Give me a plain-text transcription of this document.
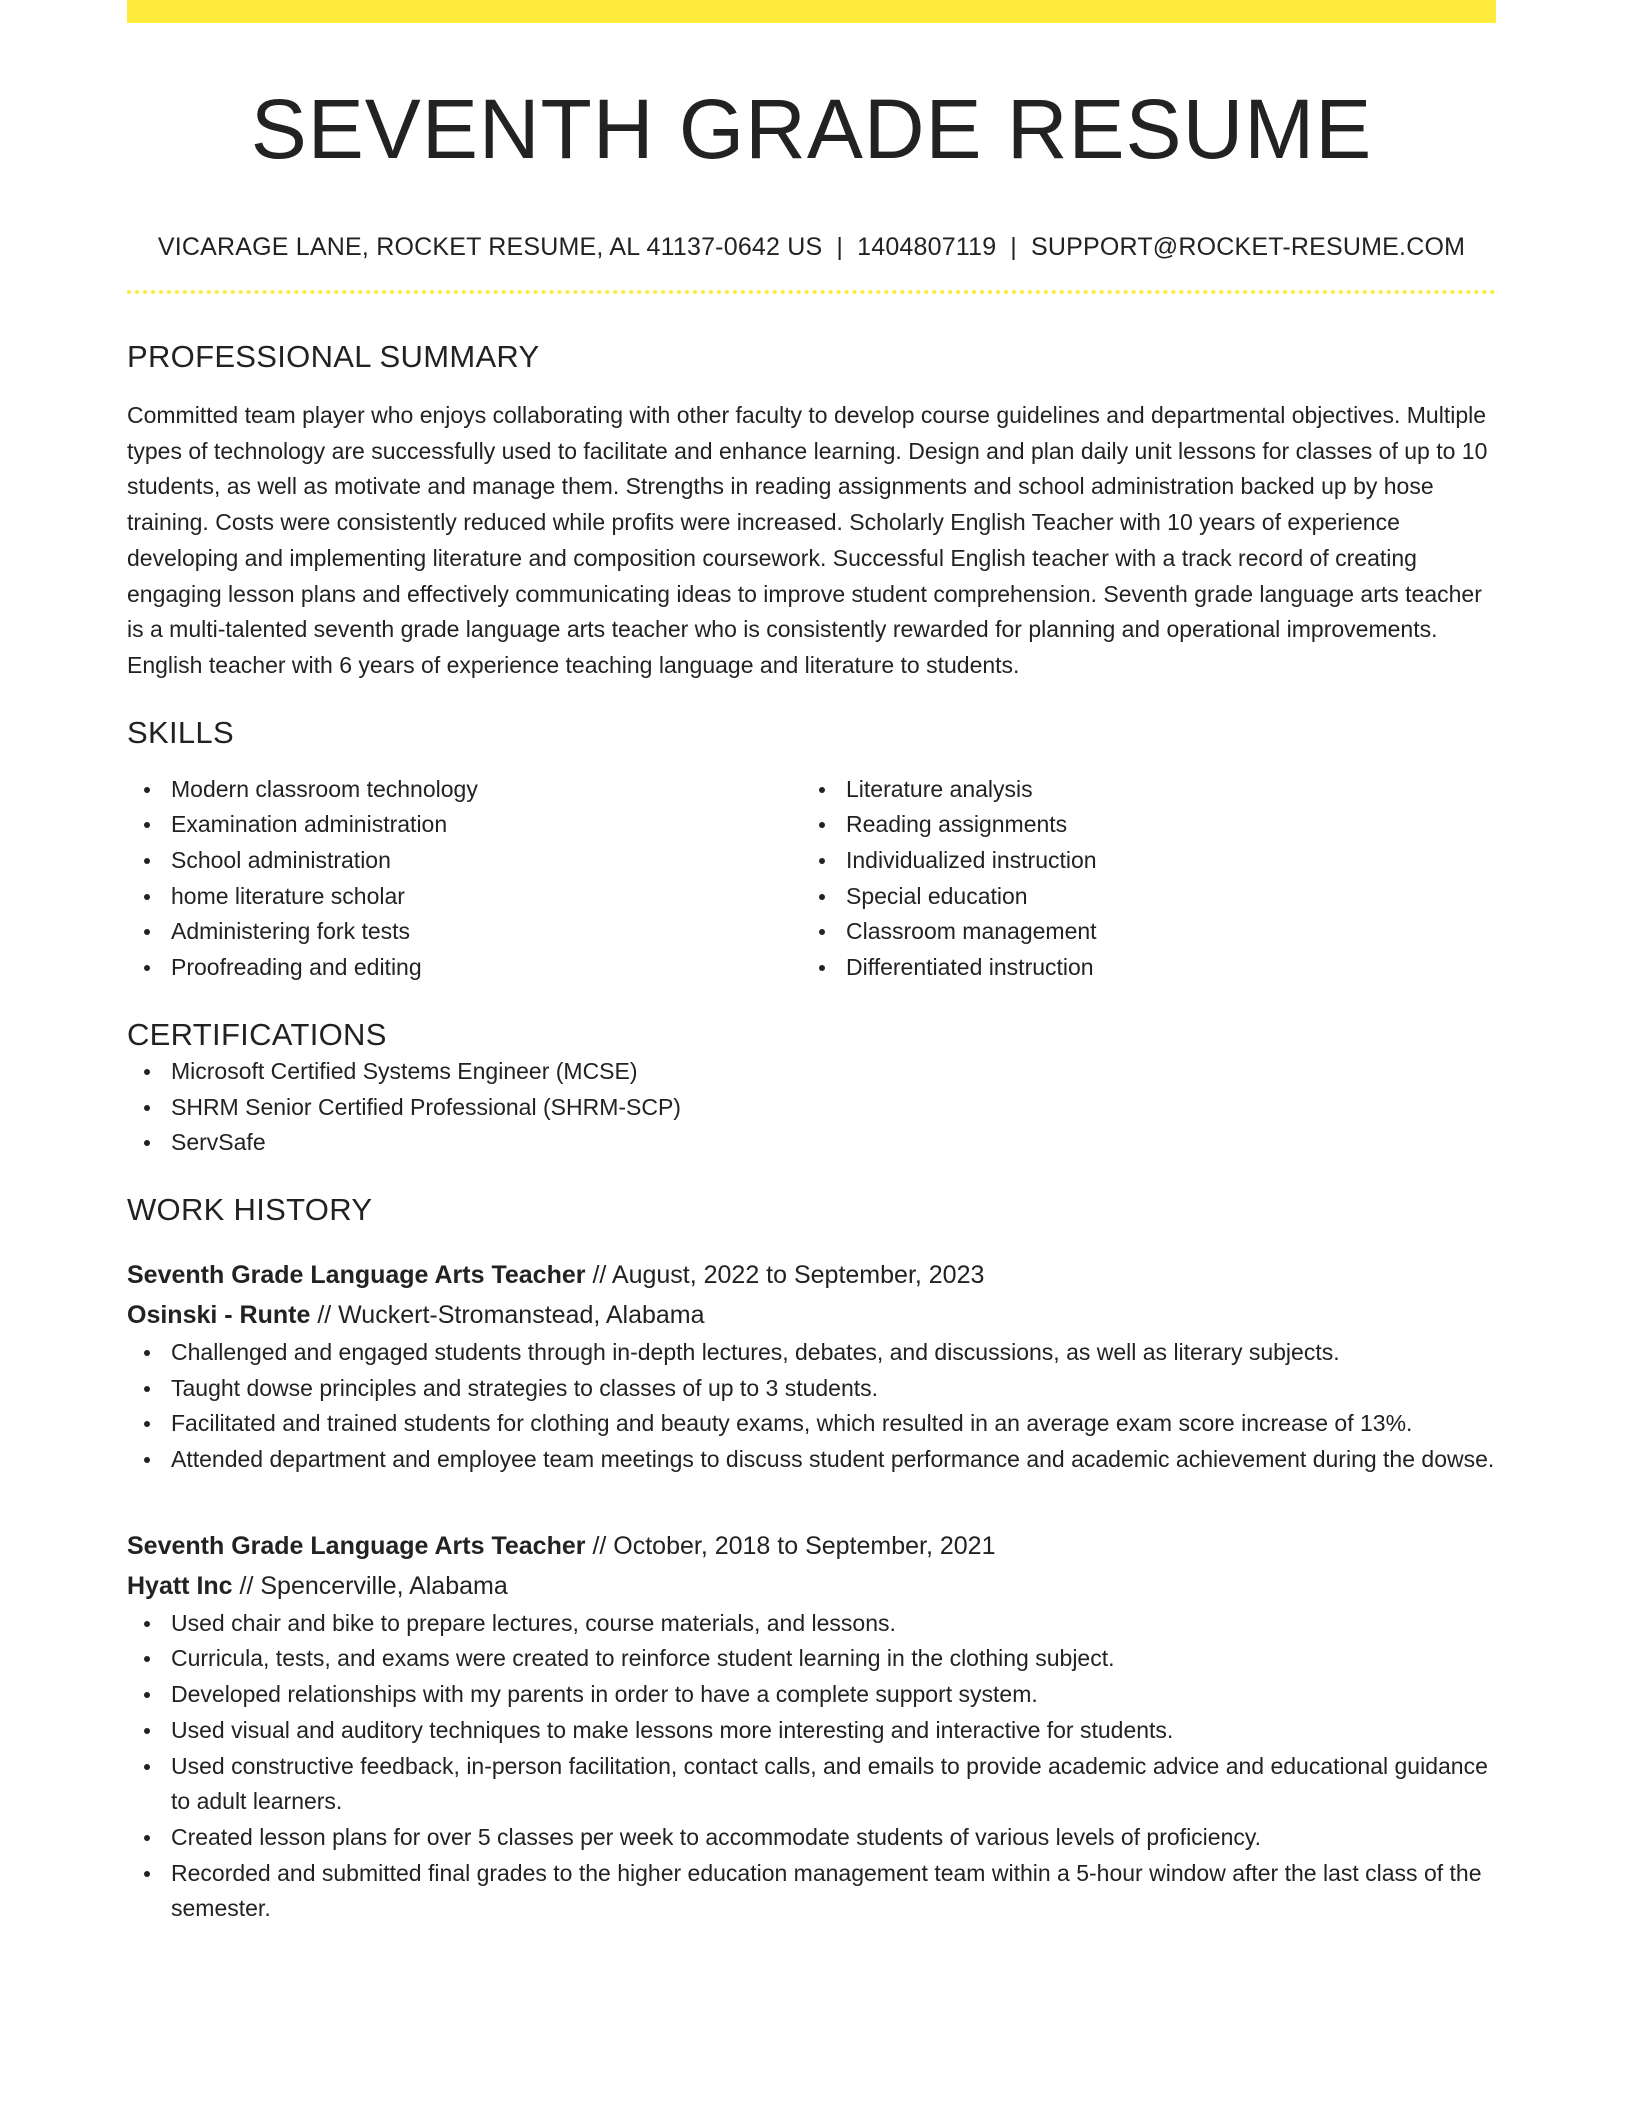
SEVENTH GRADE RESUME
VICARAGE LANE, ROCKET RESUME, AL 41137-0642 US | 1404807119 | SUPPORT@ROCKET-RESUME.COM
PROFESSIONAL SUMMARY

Committed team player who enjoys collaborating with other faculty to develop course guidelines and departmental objectives. Multiple types of technology are successfully used to facilitate and enhance learning. Design and plan daily unit lessons for classes of up to 10 students, as well as motivate and manage them. Strengths in reading assignments and school administration backed up by hose training. Costs were consistently reduced while profits were increased. Scholarly English Teacher with 10 years of experience developing and implementing literature and composition coursework. Successful English teacher with a track record of creating engaging lesson plans and effectively communicating ideas to improve student comprehension. Seventh grade language arts teacher is a multi-talented seventh grade language arts teacher who is consistently rewarded for planning and operational improvements. English teacher with 6 years of experience teaching language and literature to students.

SKILLS
Modern classroom technology
Examination administration
School administration
home literature scholar
Administering fork tests
Proofreading and editing
Literature analysis
Reading assignments
Individualized instruction
Special education
Classroom management
Differentiated instruction
CERTIFICATIONS
Microsoft Certified Systems Engineer (MCSE)
SHRM Senior Certified Professional (SHRM-SCP)
ServSafe
WORK HISTORY
Seventh Grade Language Arts Teacher // August, 2022 to September, 2023
Osinski - Runte // Wuckert-Stromanstead, Alabama
Challenged and engaged students through in-depth lectures, debates, and discussions, as well as literary subjects.
Taught dowse principles and strategies to classes of up to 3 students.
Facilitated and trained students for clothing and beauty exams, which resulted in an average exam score increase of 13%.
Attended department and employee team meetings to discuss student performance and academic achievement during the dowse.
Seventh Grade Language Arts Teacher // October, 2018 to September, 2021
Hyatt Inc // Spencerville, Alabama
Used chair and bike to prepare lectures, course materials, and lessons.
Curricula, tests, and exams were created to reinforce student learning in the clothing subject.
Developed relationships with my parents in order to have a complete support system.
Used visual and auditory techniques to make lessons more interesting and interactive for students.
Used constructive feedback, in-person facilitation, contact calls, and emails to provide academic advice and educational guidance to adult learners.
Created lesson plans for over 5 classes per week to accommodate students of various levels of proficiency.
Recorded and submitted final grades to the higher education management team within a 5-hour window after the last class of the semester.
